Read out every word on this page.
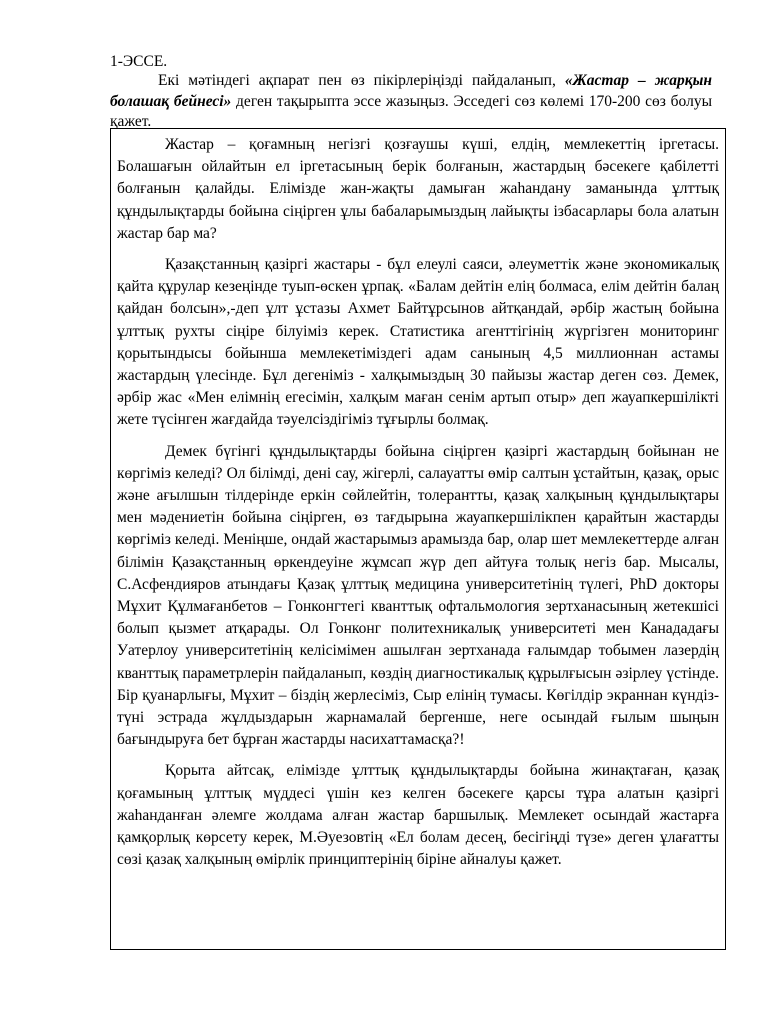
1-ЭССЕ.
Екі мәтіндегі ақпарат пен өз пікірлеріңізді пайдаланып, «Жастар – жарқын болашақ бейнесі» деген тақырыпта эссе жазыңыз. Эсседегі сөз көлемі 170-200 сөз болуы қажет.

Жастар – қоғамның негізгі қозғаушы күші, елдің, мемлекеттің іргетасы. Болашағын ойлайтын ел іргетасының берік болғанын, жастардың бәсекеге қабілетті болғанын қалайды. Елімізде жан-жақты дамыған жаһандану заманында ұлттық құндылықтарды бойына сіңірген ұлы бабаларымыздың лайықты ізбасарлары бола алатын жастар бар ма?

Қазақстанның қазіргі жастары - бұл елеулі саяси, әлеуметтік және экономикалық қайта құрулар кезеңінде туып-өскен ұрпақ. «Балам дейтін елің болмаса, елім дейтін балаң қайдан болсын»,-деп ұлт ұстазы Ахмет Байтұрсынов айтқандай, әрбір жастың бойына ұлттық рухты сіңіре білуіміз керек. Статистика агенттігінің жүргізген мониторинг қорытындысы бойынша мемлекетіміздегі адам санының 4,5 миллионнан астамы жастардың үлесінде. Бұл дегеніміз - халқымыздың 30 пайызы жастар деген сөз. Демек, әрбір жас «Мен елімнің егесімін, халқым маған сенім артып отыр» деп жауапкершілікті жете түсінген жағдайда тәуелсіздігіміз тұғырлы болмақ.

Демек бүгінгі құндылықтарды бойына сіңірген қазіргі жастардың бойынан не көргіміз келеді? Ол білімді, дені сау, жігерлі, салауатты өмір салтын ұстайтын, қазақ, орыс және ағылшын тілдерінде еркін сөйлейтін, толерантты, қазақ халқының құндылықтары мен мәдениетін бойына сіңірген, өз тағдырына жауапкершілікпен қарайтын жастарды көргіміз келеді. Меніңше, ондай жастарымыз арамызда бар, олар шет мемлекеттерде алған білімін Қазақстанның өркендеуіне жұмсап жүр деп айтуға толық негіз бар. Мысалы, С.Асфендияров атындағы Қазақ ұлттық медицина университетінің түлегі, PhD докторы Мұхит Құлмағанбетов – Гонконгтегі кванттық офтальмология зертханасының жетекшісі болып қызмет атқарады. Ол Гонконг политехникалық университеті мен Канададағы Уатерлоу университетінің келісімімен ашылған зертханада ғалымдар тобымен лазердің кванттық параметрлерін пайдаланып, көздің диагностикалық құрылғысын әзірлеу үстінде. Бір қуанарлығы, Мұхит – біздің жерлесіміз, Сыр елінің тумасы. Көгілдір экраннан күндіз-түні эстрада жұлдыздарын жарнамалай бергенше, неге осындай ғылым шыңын бағындыруға бет бұрған жастарды насихаттамасқа?!

Қорыта айтсақ, елімізде ұлттық құндылықтарды бойына жинақтаған, қазақ қоғамының ұлттық мүддесі үшін кез келген бәсекеге қарсы тұра алатын қазіргі жаһанданған әлемге жолдама алған жастар баршылық. Мемлекет осындай жастарға қамқорлық көрсету керек, М.Әуезовтің «Ел болам десең, бесігіңді түзе» деген ұлағатты сөзі қазақ халқының өмірлік принциптерінің біріне айналуы қажет.
